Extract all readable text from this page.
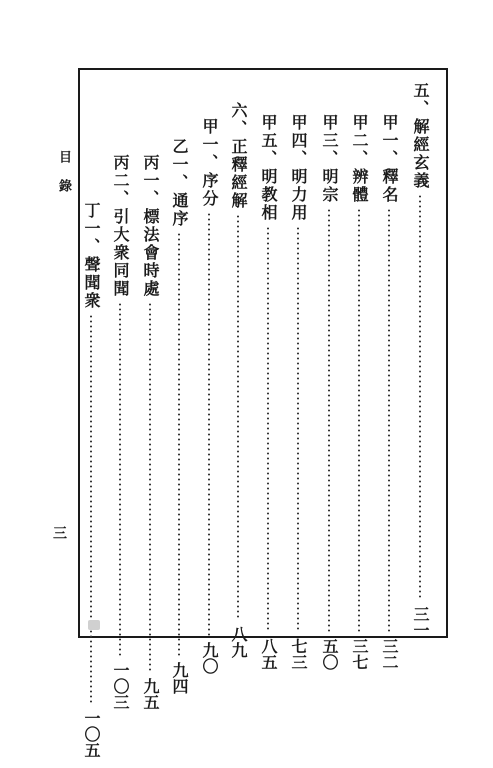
目錄
三
五、解經玄義
三一
甲一、釋名
三二
甲二、辨體
三七
甲三、明宗
五〇
甲四、明力用
七三
甲五、明教相
八五
六、正釋經解
八九
甲一、序分
九〇
乙一、通序
九四
丙一、標法會時處
九五
丙二、引大衆同聞
一〇三
丁一、聲聞衆
一〇五
